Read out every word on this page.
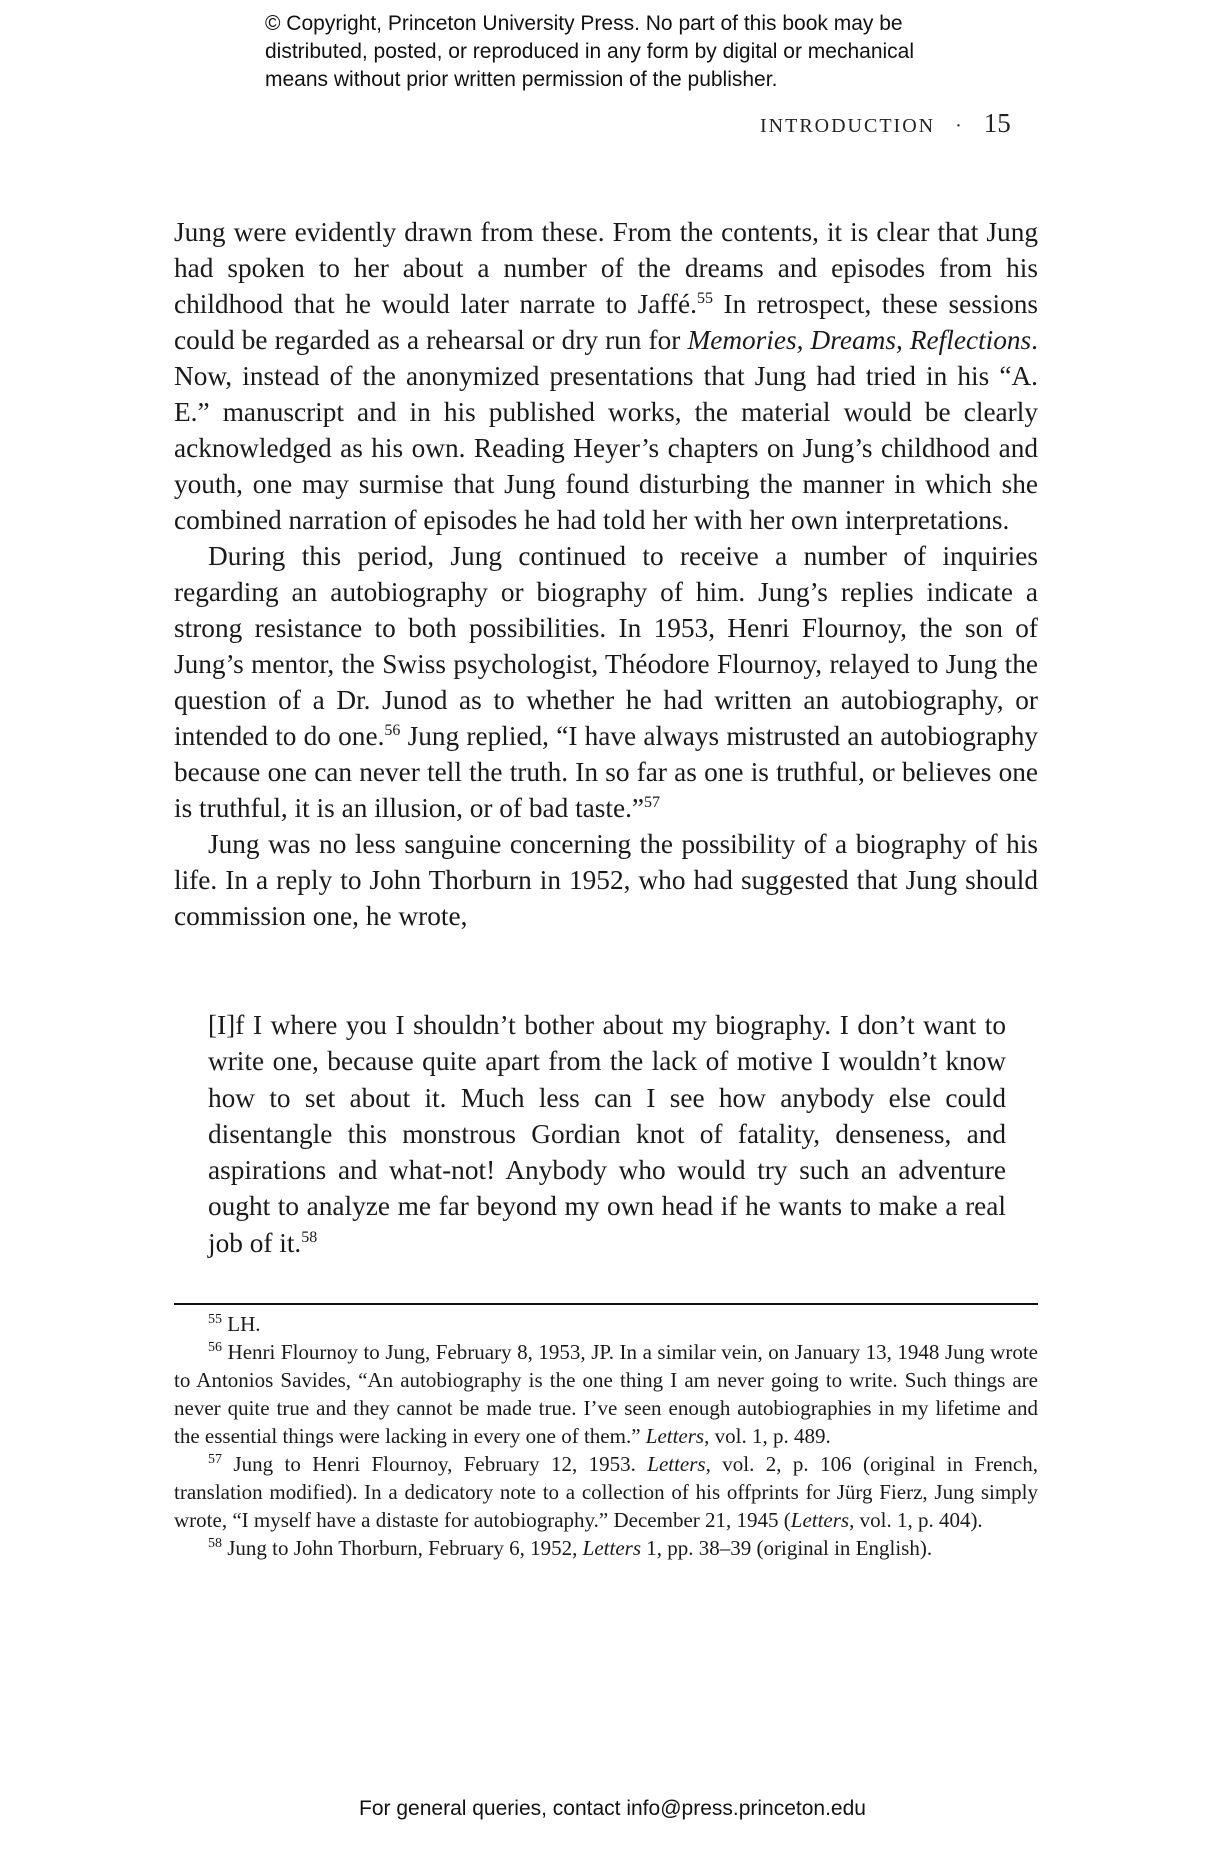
© Copyright, Princeton University Press. No part of this book may be
distributed, posted, or reproduced in any form by digital or mechanical
means without prior written permission of the publisher.
INTRODUCTION · 15

Jung were evidently drawn from these. From the contents, it is clear that Jung had spoken to her about a number of the dreams and episodes from his childhood that he would later narrate to Jaffé.$^{55}$ In retrospect, these sessions could be regarded as a rehearsal or dry run for Memories, Dreams, Reflections. Now, instead of the anonymized presentations that Jung had tried in his “A. E.” manuscript and in his published works, the material would be clearly acknowledged as his own. Reading Heyer’s chapters on Jung’s childhood and youth, one may surmise that Jung found disturbing the manner in which she combined narration of episodes he had told her with her own interpretations.

During this period, Jung continued to receive a number of inquiries regarding an autobiography or biography of him. Jung’s replies indicate a strong resistance to both possibilities. In 1953, Henri Flournoy, the son of Jung’s mentor, the Swiss psychologist, Théodore Flournoy, relayed to Jung the question of a Dr. Junod as to whether he had written an autobiography, or intended to do one.$^{56}$ Jung replied, “I have always mistrusted an autobiography because one can never tell the truth. In so far as one is truthful, or believes one is truthful, it is an illusion, or of bad taste.”$^{57}$

Jung was no less sanguine concerning the possibility of a biography of his life. In a reply to John Thorburn in 1952, who had suggested that Jung should commission one, he wrote,

[I]f I where you I shouldn’t bother about my biography. I don’t want to write one, because quite apart from the lack of motive I wouldn’t know how to set about it. Much less can I see how anybody else could disentangle this monstrous Gordian knot of fatality, denseness, and aspirations and what-not! Anybody who would try such an adventure ought to analyze me far beyond my own head if he wants to make a real job of it.$^{58}$

$^{55}$ LH.

$^{56}$ Henri Flournoy to Jung, February 8, 1953, JP. In a similar vein, on January 13, 1948 Jung wrote to Antonios Savides, “An autobiography is the one thing I am never going to write. Such things are never quite true and they cannot be made true. I’ve seen enough autobiographies in my lifetime and the essential things were lacking in every one of them.” Letters, vol. 1, p. 489.

$^{57}$ Jung to Henri Flournoy, February 12, 1953. Letters, vol. 2, p. 106 (original in French, translation modified). In a dedicatory note to a collection of his offprints for Jürg Fierz, Jung simply wrote, “I myself have a distaste for autobiography.” December 21, 1945 (Letters, vol. 1, p. 404).

$^{58}$ Jung to John Thorburn, February 6, 1952, Letters 1, pp. 38–39 (original in English).

For general queries, contact info@press.princeton.edu
